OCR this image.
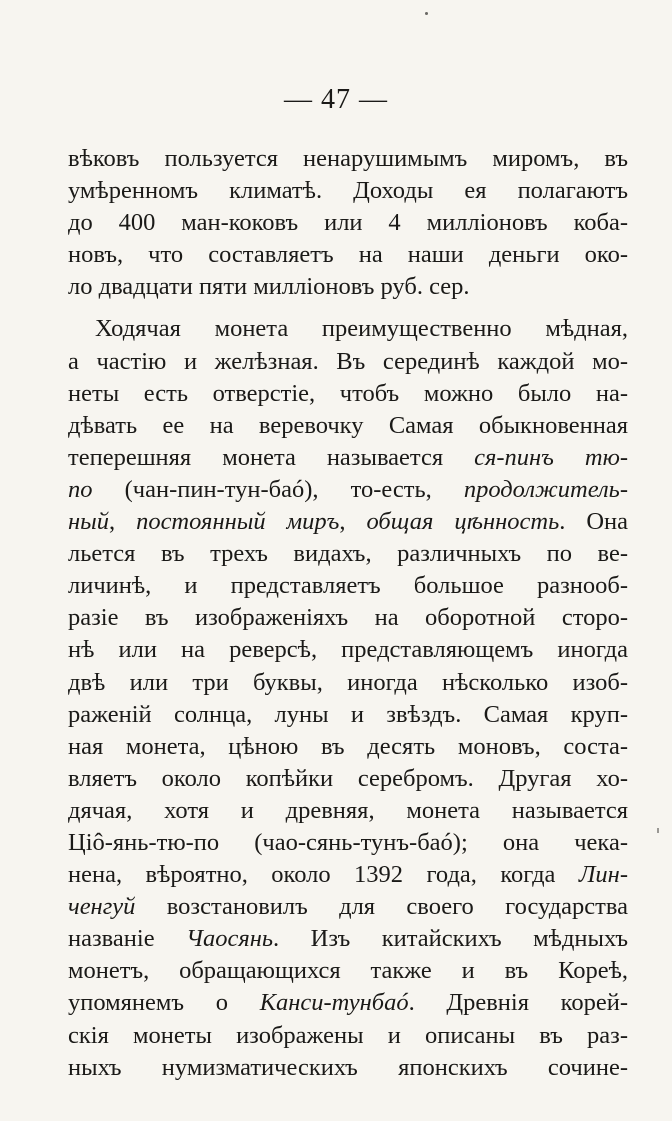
— 47 —
вѣковъ пользуется ненарушимымъ миромъ, въ
умѣренномъ климатѣ. Доходы ея полагаютъ
до 400 ман-коковъ или 4 милліоновъ коба-
новъ, что составляетъ на наши деньги око-
ло двадцати пяти милліоновъ руб. сер.
Ходячая монета преимущественно мѣдная,
а частію и желѣзная. Въ серединѣ каждой мо-
неты есть отверстіе, чтобъ можно было на-
дѣвать ее на веревочку Самая обыкновенная
теперешняя монета называется ся-пинъ тю-
по (чан-пин-тун-баó), то-есть, продолжитель-
ный, постоянный миръ, общая цѣнность. Она
льется въ трехъ видахъ, различныхъ по ве-
личинѣ, и представляетъ большое разнооб-
разіе въ изображеніяхъ на оборотной сторо-
нѣ или на реверсѣ, представляющемъ иногда
двѣ или три буквы, иногда нѣсколько изоб-
раженій солнца, луны и звѣздъ. Самая круп-
ная монета, цѣною въ десять моновъ, соста-
вляетъ около копѣйки серебромъ. Другая хо-
дячая, хотя и древняя, монета называется
Ціô-янь-тю-по (чао-сянь-тунъ-баó); она чека-
нена, вѣроятно, около 1392 года, когда Лин-
ченгуй возстановилъ для своего государства
названіе Чаосянь. Изъ китайскихъ мѣдныхъ
монетъ, обращающихся также и въ Кореѣ,
упомянемъ о Канси-тунбаó. Древнія корей-
скія монеты изображены и описаны въ раз-
ныхъ нумизматическихъ японскихъ сочине-
